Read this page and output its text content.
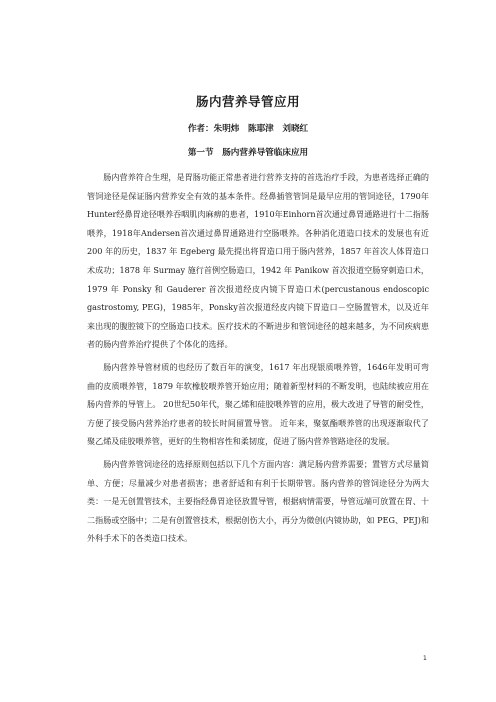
肠内营养导管应用
作者：朱明炜　陈耶津　刘晓红
第一节　肠内营养导管临床应用

肠内营养符合生理，是胃肠功能正常患者进行营养支持的首选治疗手段，为患者选择正确的管饲途径是保证肠内营养安全有效的基本条件。经鼻插管管饲是最早应用的管饲途径，1790年Hunter经鼻胃途径喂养吞咽肌肉麻痹的患者，1910年Einhorn首次通过鼻胃通路进行十二指肠喂养，1918年Andersen首次通过鼻胃通路进行空肠喂养。各种消化道造口技术的发展也有近 200 年的历史，1837 年 Egeberg 最先提出将胃造口用于肠内营养，1857 年首次人体胃造口术成功；1878 年 Surmay 施行首例空肠造口，1942 年 Panikow 首次报道空肠穿刺造口术，1979 年 Ponsky 和 Gauderer 首次报道经皮内镜下胃造口术(percustanous endoscopic gastrostomy, PEG)，1985年，Ponsky首次报道经皮内镜下胃造口－空肠置管术，以及近年来出现的腹腔镜下的空肠造口技术。医疗技术的不断进步和管饲途径的越来越多，为不同疾病患者的肠内营养治疗提供了个体化的选择。

肠内营养导管材质的也经历了数百年的演变，1617 年出现银质喂养管，1646年发明可弯曲的皮质喂养管，1879 年软橡胶喂养管开始应用；随着新型材料的不断发明，也陆续被应用在肠内营养的导管上。 20世纪50年代，聚乙烯和硅胶喂养管的应用，极大改进了导管的耐受性，方便了接受肠内营养治疗患者的较长时间留置导管。 近年来，聚氨酯喂养管的出现逐渐取代了聚乙烯及硅胶喂养管，更好的生物相容性和柔韧度，促进了肠内营养管路途径的发展。

肠内营养管饲途径的选择原则包括以下几个方面内容：满足肠内营养需要；置管方式尽量简单、方便；尽量减少对患者损害；患者舒适和有利于长期带管。肠内营养的管饲途径分为两大类：一是无创置管技术，主要指经鼻胃途径放置导管，根据病情需要，导管远端可放置在胃、十二指肠或空肠中；二是有创置管技术，根据创伤大小，再分为微创(内镜协助，如 PEG、PEJ)和外科手术下的各类造口技术。

1
